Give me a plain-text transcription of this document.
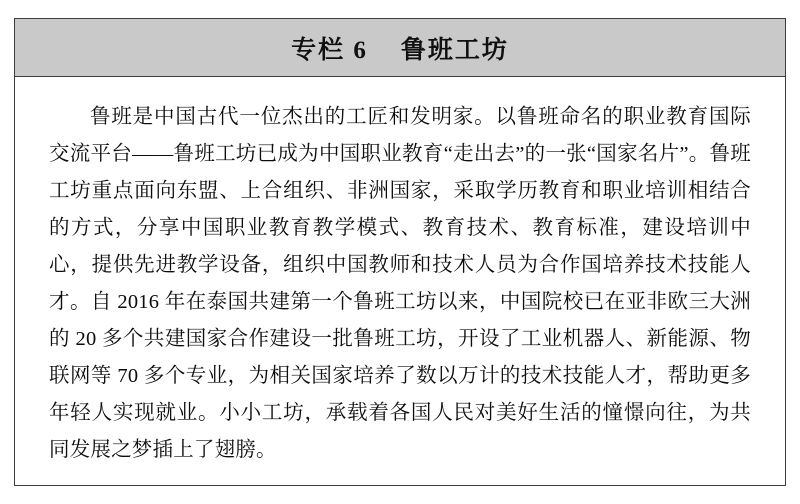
专栏 6    鲁班工坊

鲁班是中国古代一位杰出的工匠和发明家。以鲁班命名的职业教育国际交流平台——鲁班工坊已成为中国职业教育“走出去”的一张“国家名片”。鲁班工坊重点面向东盟、上合组织、非洲国家，采取学历教育和职业培训相结合的方式，分享中国职业教育教学模式、教育技术、教育标准，建设培训中心，提供先进教学设备，组织中国教师和技术人员为合作国培养技术技能人才。自 2016 年在泰国共建第一个鲁班工坊以来，中国院校已在亚非欧三大洲的 20 多个共建国家合作建设一批鲁班工坊，开设了工业机器人、新能源、物联网等 70 多个专业，为相关国家培养了数以万计的技术技能人才，帮助更多年轻人实现就业。小小工坊，承载着各国人民对美好生活的憧憬向往，为共同发展之梦插上了翅膀。
